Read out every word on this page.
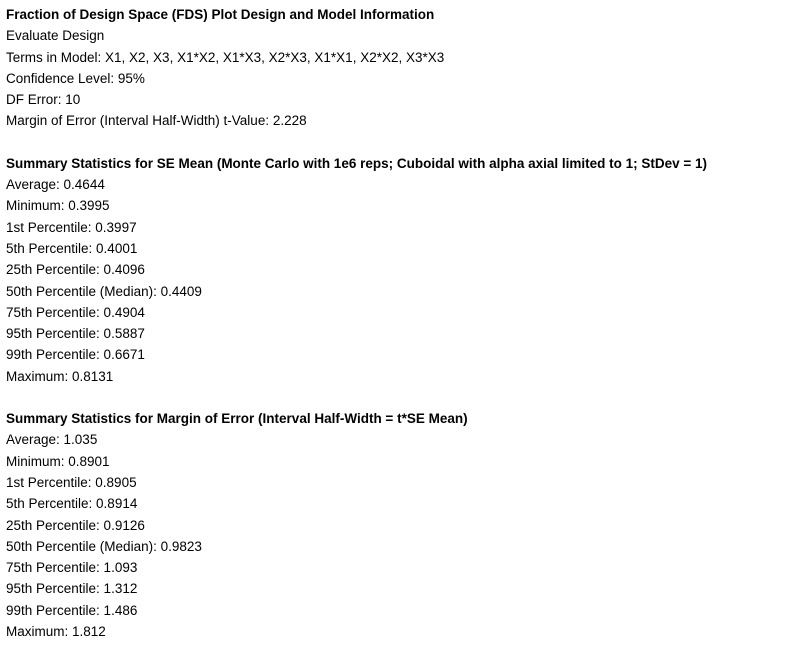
Fraction of Design Space (FDS) Plot Design and Model Information
Evaluate Design
Terms in Model: X1, X2, X3, X1*X2, X1*X3, X2*X3, X1*X1, X2*X2, X3*X3
Confidence Level: 95%
DF Error: 10
Margin of Error (Interval Half-Width) t-Value: 2.228
Summary Statistics for SE Mean (Monte Carlo with 1e6 reps; Cuboidal with alpha axial limited to 1; StDev = 1)
Average: 0.4644
Minimum: 0.3995
1st Percentile: 0.3997
5th Percentile: 0.4001
25th Percentile: 0.4096
50th Percentile (Median): 0.4409
75th Percentile: 0.4904
95th Percentile: 0.5887
99th Percentile: 0.6671
Maximum: 0.8131
Summary Statistics for Margin of Error (Interval Half-Width = t*SE Mean)
Average: 1.035
Minimum: 0.8901
1st Percentile: 0.8905
5th Percentile: 0.8914
25th Percentile: 0.9126
50th Percentile (Median): 0.9823
75th Percentile: 1.093
95th Percentile: 1.312
99th Percentile: 1.486
Maximum: 1.812
